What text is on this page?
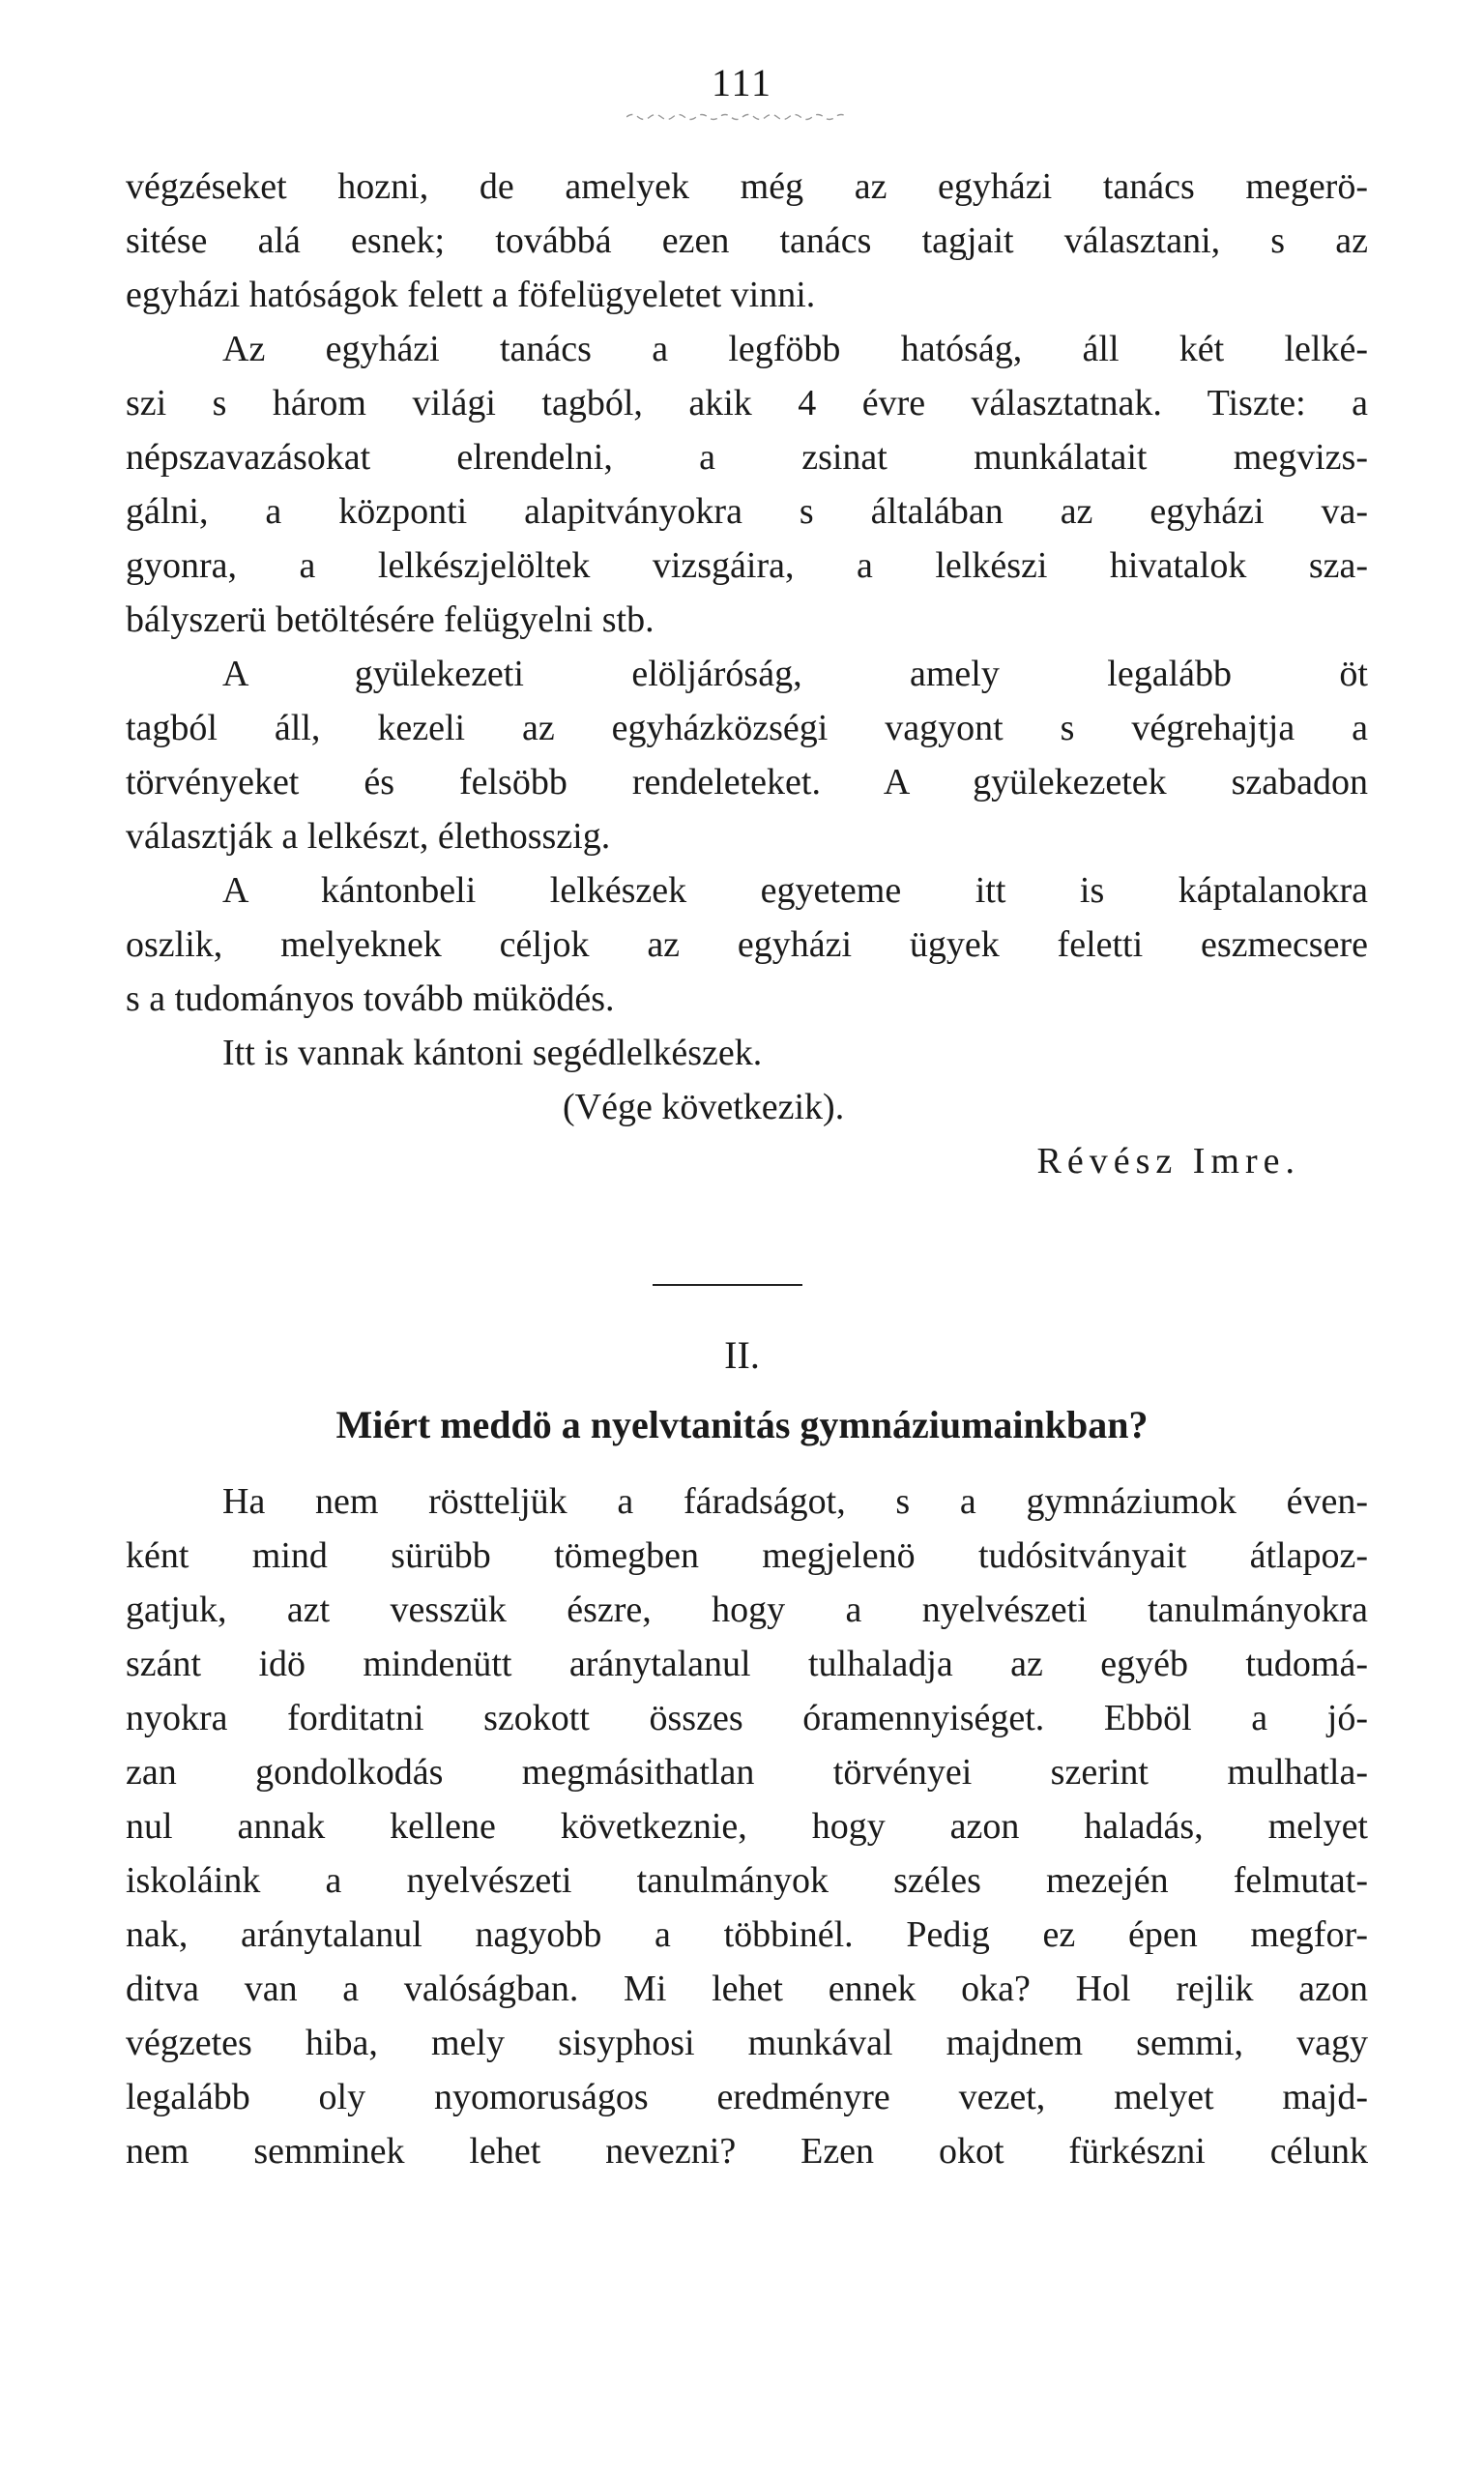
111
végzéseket hozni, de amelyek még az egyházi tanács megerö-
sitése alá esnek; továbbá ezen tanács tagjait választani, s az
egyházi hatóságok felett a föfelügyeletet vinni.
Az egyházi tanács a legföbb hatóság, áll két lelké-
szi s három világi tagból, akik 4 évre választatnak. Tiszte: a
népszavazásokat elrendelni, a zsinat munkálatait megvizs-
gálni, a központi alapitványokra s általában az egyházi va-
gyonra, a lelkészjelöltek vizsgáira, a lelkészi hivatalok sza-
bályszerü betöltésére felügyelni stb.
A gyülekezeti elöljáróság, amely legalább öt
tagból áll, kezeli az egyházközségi vagyont s végrehajtja a
törvényeket és felsöbb rendeleteket. A gyülekezetek szabadon
választják a lelkészt, élethosszig.
A kántonbeli lelkészek egyeteme itt is káptalanokra
oszlik, melyeknek céljok az egyházi ügyek feletti eszmecsere
s a tudományos tovább müködés.
Itt is vannak kántoni segédlelkészek.
(Vége következik).
Révész Imre.
II.
Miért meddö a nyelvtanitás gymnáziumainkban?
Ha nem röstteljük a fáradságot, s a gymnáziumok éven-
ként mind sürübb tömegben megjelenö tudósitványait átlapoz-
gatjuk, azt vesszük észre, hogy a nyelvészeti tanulmányokra
szánt idö mindenütt aránytalanul tulhaladja az egyéb tudomá-
nyokra forditatni szokott összes óramennyiséget. Ebböl a jó-
zan gondolkodás megmásithatlan törvényei szerint mulhatla-
nul annak kellene következnie, hogy azon haladás, melyet
iskoláink a nyelvészeti tanulmányok széles mezején felmutat-
nak, aránytalanul nagyobb a többinél. Pedig ez épen megfor-
ditva van a valóságban. Mi lehet ennek oka? Hol rejlik azon
végzetes hiba, mely sisyphosi munkával majdnem semmi, vagy
legalább oly nyomoruságos eredményre vezet, melyet majd-
nem semminek lehet nevezni? Ezen okot fürkészni célunk
